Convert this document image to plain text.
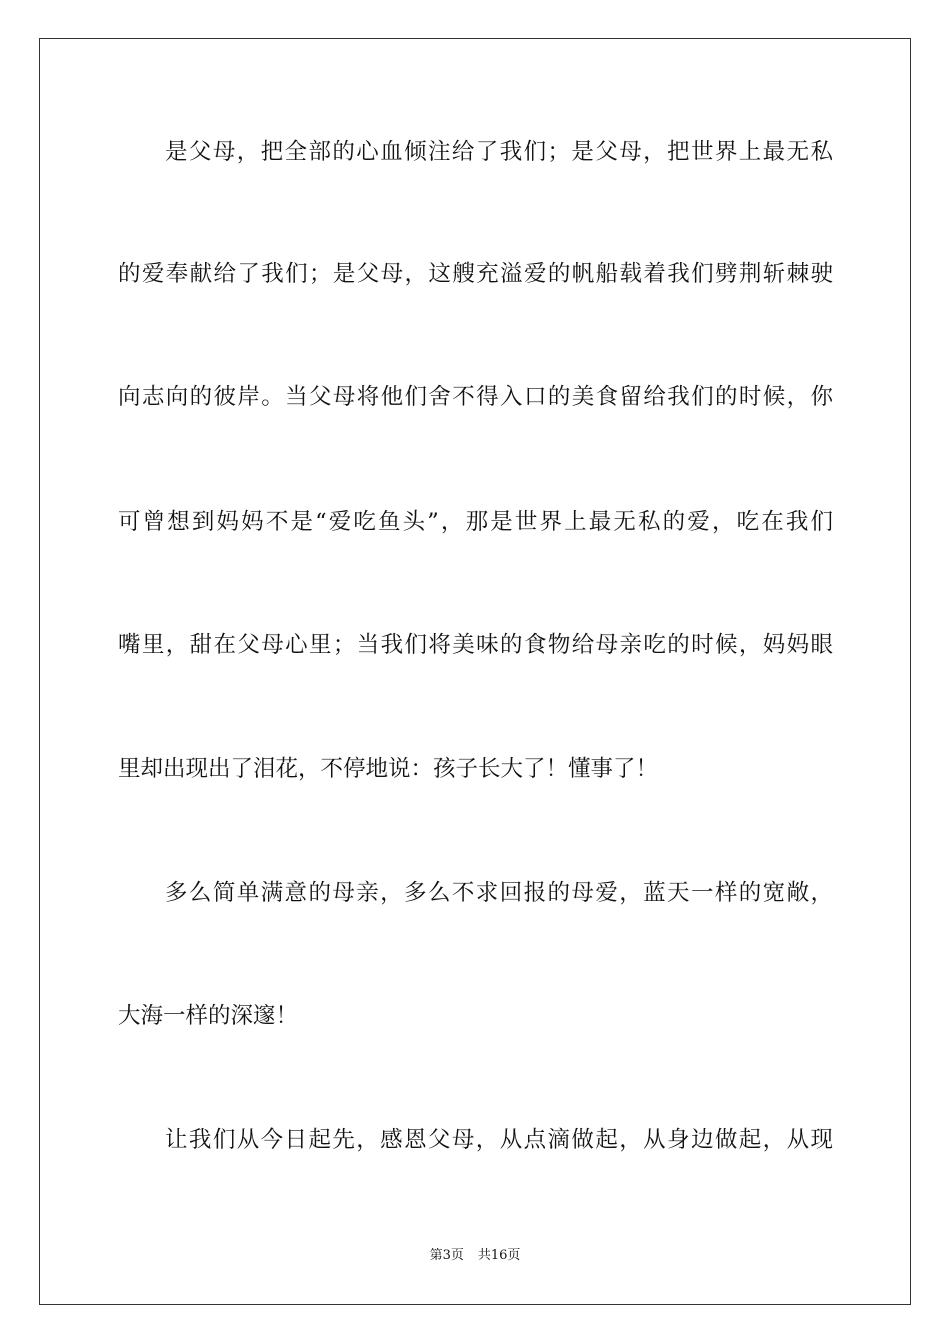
是父母，把全部的心血倾注给了我们；是父母，把世界上最无私
的爱奉献给了我们；是父母，这艘充溢爱的帆船载着我们劈荆斩棘驶
向志向的彼岸。当父母将他们舍不得入口的美食留给我们的时候，你
可曾想到妈妈不是“爱吃鱼头”，那是世界上最无私的爱，吃在我们
嘴里，甜在父母心里；当我们将美味的食物给母亲吃的时候，妈妈眼
里却出现出了泪花，不停地说：孩子长大了！懂事了！
多么简单满意的母亲，多么不求回报的母爱，蓝天一样的宽敞，
大海一样的深邃！
让我们从今日起先，感恩父母，从点滴做起，从身边做起，从现
第3页 共16页
